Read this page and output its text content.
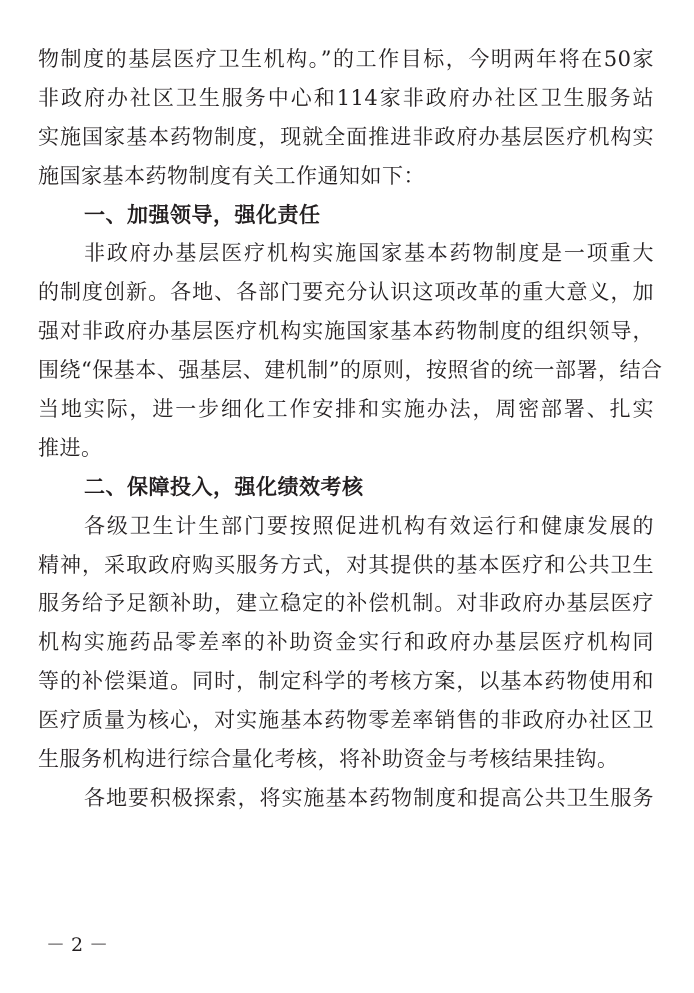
物制度的基层医疗卫生机构。”的工作目标，今明两年将在50家
非政府办社区卫生服务中心和114家非政府办社区卫生服务站
实施国家基本药物制度，现就全面推进非政府办基层医疗机构实
施国家基本药物制度有关工作通知如下：
一、加强领导，强化责任
非政府办基层医疗机构实施国家基本药物制度是一项重大
的制度创新。各地、各部门要充分认识这项改革的重大意义，加
强对非政府办基层医疗机构实施国家基本药物制度的组织领导，
围绕“保基本、强基层、建机制”的原则，按照省的统一部署，结合
当地实际，进一步细化工作安排和实施办法，周密部署、扎实
推进。
二、保障投入，强化绩效考核
各级卫生计生部门要按照促进机构有效运行和健康发展的
精神，采取政府购买服务方式，对其提供的基本医疗和公共卫生
服务给予足额补助，建立稳定的补偿机制。对非政府办基层医疗
机构实施药品零差率的补助资金实行和政府办基层医疗机构同
等的补偿渠道。同时，制定科学的考核方案，以基本药物使用和
医疗质量为核心，对实施基本药物零差率销售的非政府办社区卫
生服务机构进行综合量化考核，将补助资金与考核结果挂钩。
各地要积极探索，将实施基本药物制度和提高公共卫生服务
－ 2 －
